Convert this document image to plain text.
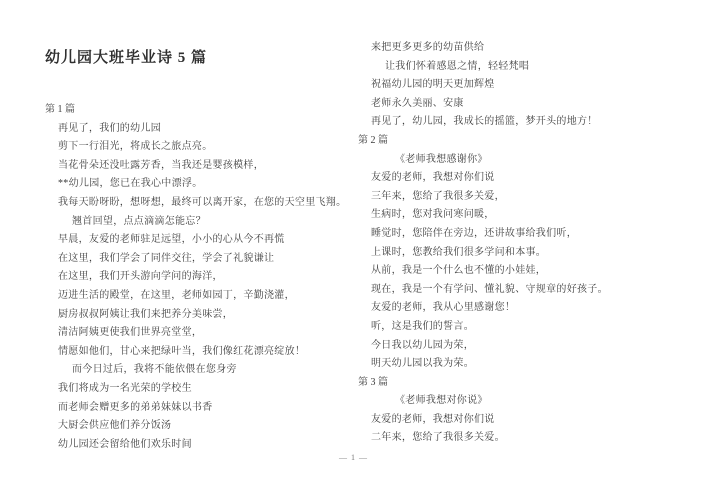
幼儿园大班毕业诗 5 篇

第 1 篇

再见了，我们的幼儿园

剪下一行泪光，将成长之旅点亮。

当花骨朵还没吐露芳香，当我还是婴孩模样，

**幼儿园，您已在我心中漂浮。

我每天盼呀盼，想呀想，最终可以离开家，在您的天空里飞翔。

翘首回望，点点滴滴怎能忘？

早晨，友爱的老师驻足远望，小小的心从今不再慌

在这里，我们学会了同伴交往，学会了礼貌谦让

在这里，我们开头游向学问的海洋，

迈进生活的殿堂，在这里，老师如园丁，辛勤浇灌，

厨房叔叔阿姨让我们来把养分美味尝，

清洁阿姨更使我们世界亮堂堂，

情愿如他们，甘心来把绿叶当，我们像红花漂亮绽放！

而今日过后，我将不能依偎在您身旁

我们将成为一名光荣的学校生

而老师会赠更多的弟弟妹妹以书香

大厨会供应他们养分饭汤

幼儿园还会留给他们欢乐时间

来把更多更多的幼苗供给

让我们怀着感恩之情，轻轻梵唱

祝福幼儿园的明天更加辉煌

老师永久美丽、安康

再见了，幼儿园，我成长的摇篮，梦开头的地方！

第 2 篇

《老师我想感谢你》

友爱的老师，我想对你们说

三年来，您给了我很多关爱，

生病时，您对我问寒问暖，

睡觉时，您陪伴在旁边，还讲故事给我们听，

上课时，您教给我们很多学问和本事。

从前，我是一个什么也不懂的小娃娃，

现在，我是一个有学问、懂礼貌、守规章的好孩子。

友爱的老师，我从心里感谢您！

听，这是我们的誓言。

今日我以幼儿园为荣，

明天幼儿园以我为荣。

第 3 篇

《老师我想对你说》

友爱的老师，我想对你们说

二年来，您给了我很多关爱。

— 1 —
